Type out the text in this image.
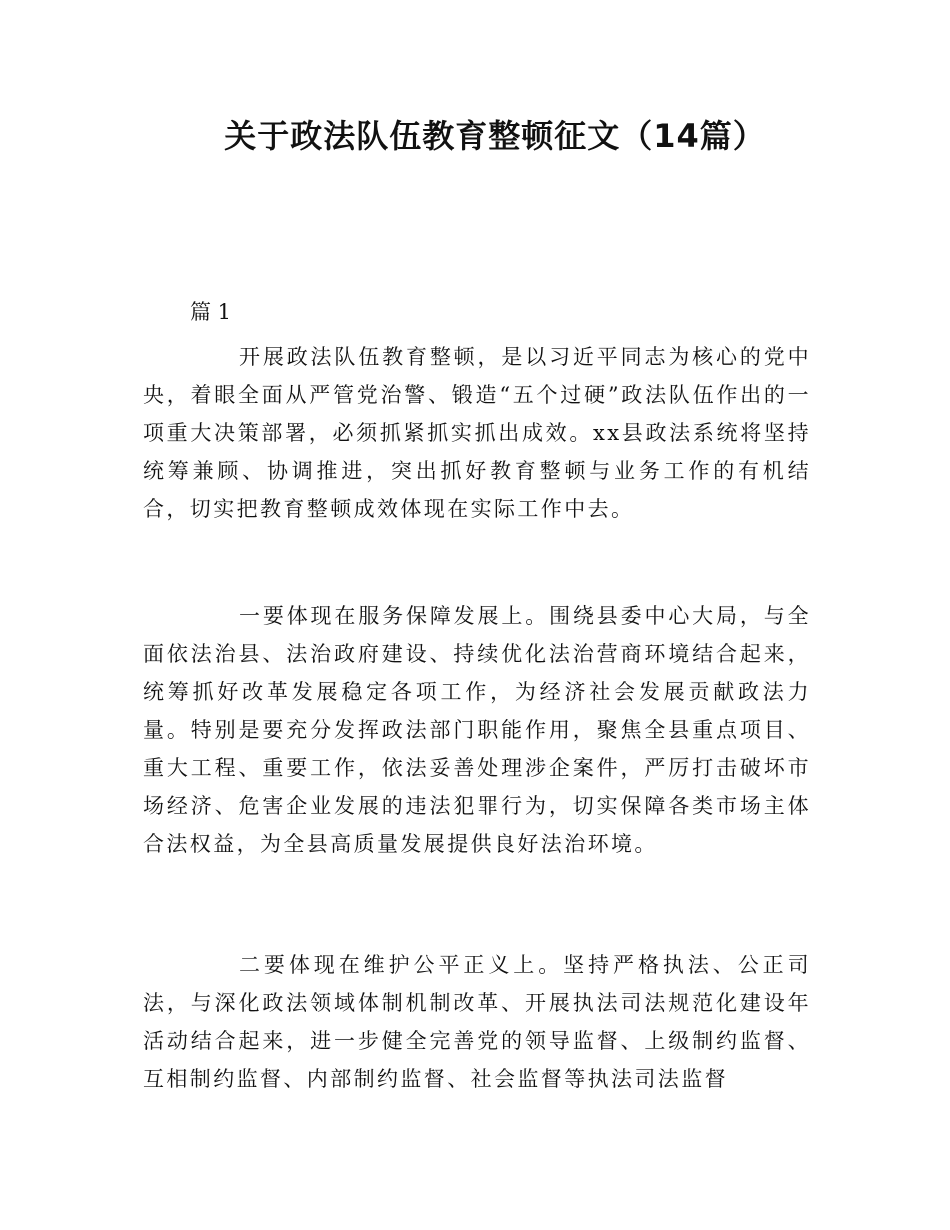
关于政法队伍教育整顿征文（14篇）

篇 1

开展政法队伍教育整顿，是以习近平同志为核心的党中央，着眼全面从严管党治警、锻造“五个过硬”政法队伍作出的一项重大决策部署，必须抓紧抓实抓出成效。xx县政法系统将坚持统筹兼顾、协调推进，突出抓好教育整顿与业务工作的有机结合，切实把教育整顿成效体现在实际工作中去。

一要体现在服务保障发展上。围绕县委中心大局，与全面依法治县、法治政府建设、持续优化法治营商环境结合起来，统筹抓好改革发展稳定各项工作，为经济社会发展贡献政法力量。特别是要充分发挥政法部门职能作用，聚焦全县重点项目、重大工程、重要工作，依法妥善处理涉企案件，严厉打击破坏市场经济、危害企业发展的违法犯罪行为，切实保障各类市场主体合法权益，为全县高质量发展提供良好法治环境。

二要体现在维护公平正义上。坚持严格执法、公正司法，与深化政法领域体制机制改革、开展执法司法规范化建设年活动结合起来，进一步健全完善党的领导监督、上级制约监督、互相制约监督、内部制约监督、社会监督等执法司法监督
